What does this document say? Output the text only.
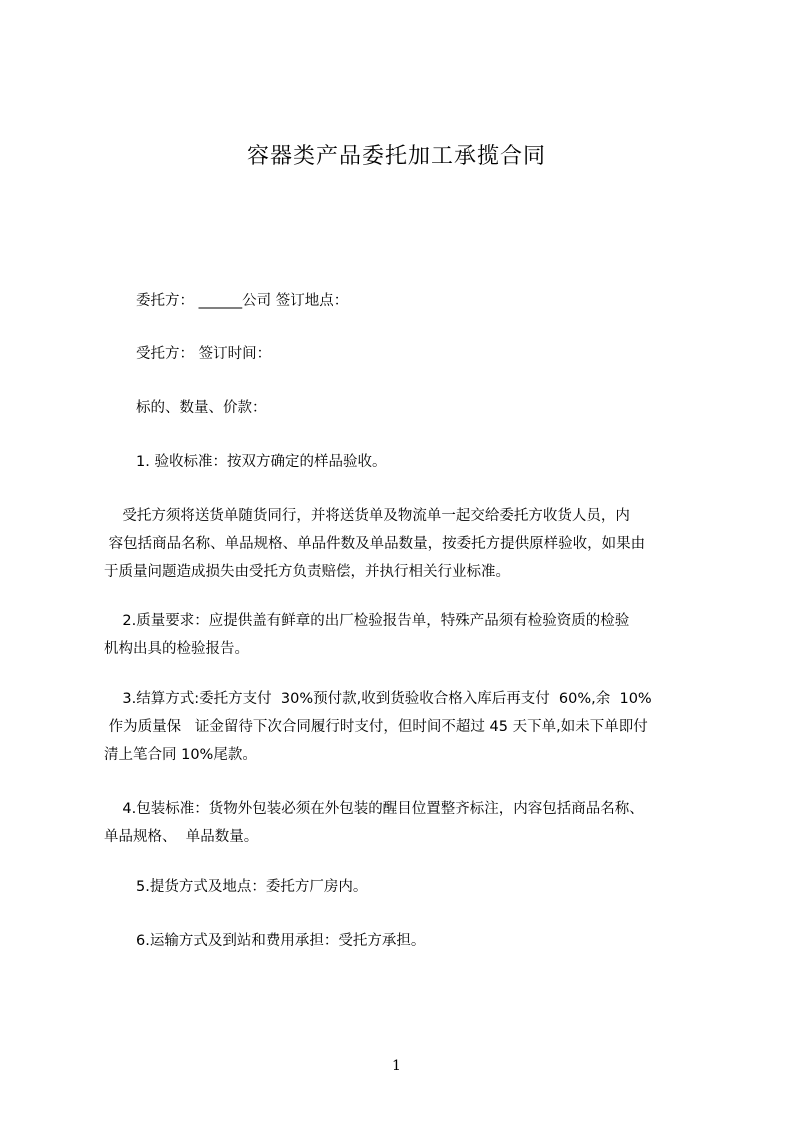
容器类产品委托加工承揽合同
委托方： ______公司 签订地点：
受托方： 签订时间：
标的、数量、价款：
1. 验收标准：按双方确定的样品验收。
受托方须将送货单随货同行，并将送货单及物流单一起交给委托方收货人员，内
容包括商品名称、单品规格、单品件数及单品数量，按委托方提供原样验收，如果由
于质量问题造成损失由受托方负责赔偿，并执行相关行业标准。
2.质量要求：应提供盖有鲜章的出厂检验报告单，特殊产品须有检验资质的检验
机构出具的检验报告。
3.结算方式:委托方支付  30%预付款,收到货验收合格入库后再支付  60%,余  10%
作为质量保   证金留待下次合同履行时支付，但时间不超过 45 天下单,如未下单即付
清上笔合同 10%尾款。
4.包装标准：货物外包装必须在外包装的醒目位置整齐标注，内容包括商品名称、
单品规格、  单品数量。
5.提货方式及地点：委托方厂房内。
6.运输方式及到站和费用承担：受托方承担。
1
